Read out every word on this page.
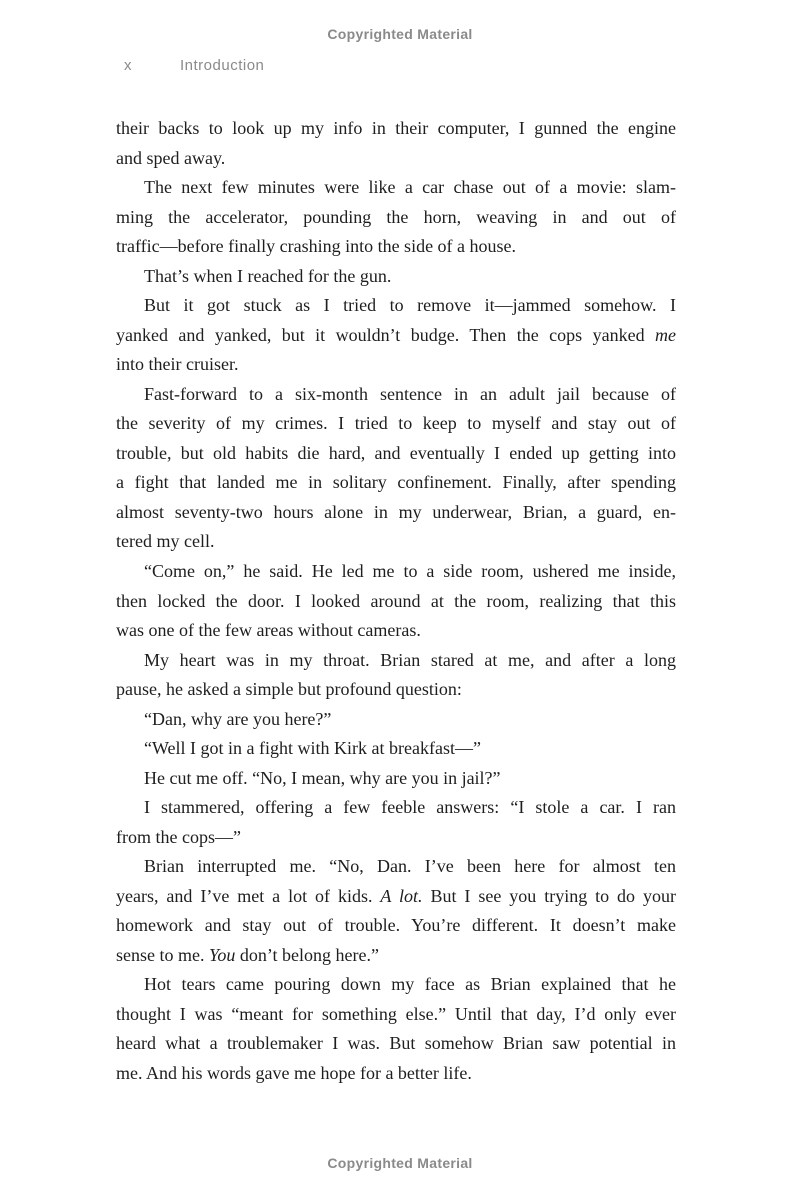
Copyrighted Material
x	Introduction
their backs to look up my info in their computer, I gunned the engine
and sped away.
The next few minutes were like a car chase out of a movie: slam-
ming the accelerator, pounding the horn, weaving in and out of
traffic—before finally crashing into the side of a house.
That’s when I reached for the gun.
But it got stuck as I tried to remove it—jammed somehow. I
yanked and yanked, but it wouldn’t budge. Then the cops yanked me
into their cruiser.
Fast-forward to a six-month sentence in an adult jail because of
the severity of my crimes. I tried to keep to myself and stay out of
trouble, but old habits die hard, and eventually I ended up getting into
a fight that landed me in solitary confinement. Finally, after spending
almost seventy-two hours alone in my underwear, Brian, a guard, en-
tered my cell.
“Come on,” he said. He led me to a side room, ushered me inside,
then locked the door. I looked around at the room, realizing that this
was one of the few areas without cameras.
My heart was in my throat. Brian stared at me, and after a long
pause, he asked a simple but profound question:
“Dan, why are you here?”
“Well I got in a fight with Kirk at breakfast—”
He cut me off. “No, I mean, why are you in jail?”
I stammered, offering a few feeble answers: “I stole a car. I ran
from the cops—”
Brian interrupted me. “No, Dan. I’ve been here for almost ten
years, and I’ve met a lot of kids. A lot. But I see you trying to do your
homework and stay out of trouble. You’re different. It doesn’t make
sense to me. You don’t belong here.”
Hot tears came pouring down my face as Brian explained that he
thought I was “meant for something else.” Until that day, I’d only ever
heard what a troublemaker I was. But somehow Brian saw potential in
me. And his words gave me hope for a better life.
Copyrighted Material
